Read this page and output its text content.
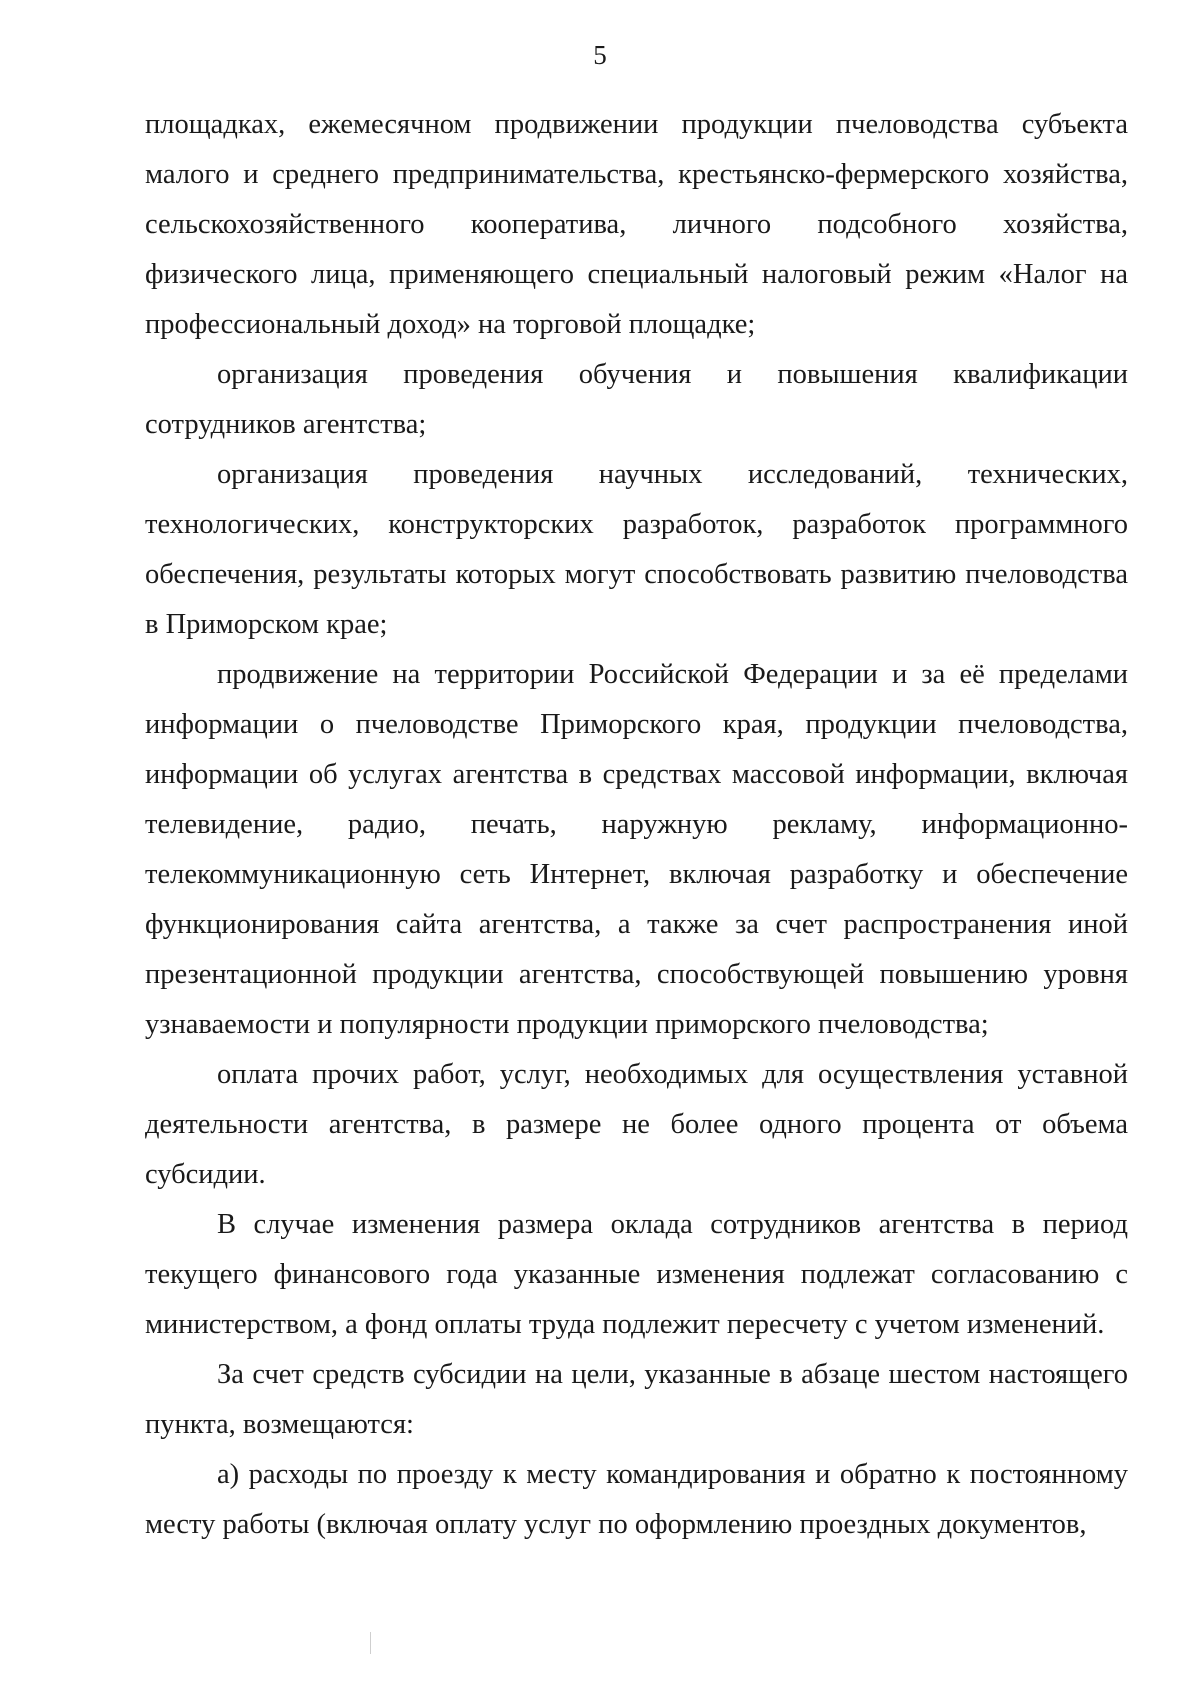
5

площадках, ежемесячном продвижении продукции пчеловодства субъекта малого и среднего предпринимательства, крестьянско-фермерского хозяйства, сельскохозяйственного кооператива, личного подсобного хозяйства, физического лица, применяющего специальный налоговый режим «Налог на профессиональный доход» на торговой площадке;

организация проведения обучения и повышения квалификации сотрудников агентства;

организация проведения научных исследований, технических, технологических, конструкторских разработок, разработок программного обеспечения, результаты которых могут способствовать развитию пчеловодства в Приморском крае;

продвижение на территории Российской Федерации и за её пределами информации о пчеловодстве Приморского края, продукции пчеловодства, информации об услугах агентства в средствах массовой информации, включая телевидение, радио, печать, наружную рекламу, информационно-телекоммуникационную сеть Интернет, включая разработку и обеспечение функционирования сайта агентства, а также за счет распространения иной презентационной продукции агентства, способствующей повышению уровня узнаваемости и популярности продукции приморского пчеловодства;

оплата прочих работ, услуг, необходимых для осуществления уставной деятельности агентства, в размере не более одного процента от объема субсидии.

В случае изменения размера оклада сотрудников агентства в период текущего финансового года указанные изменения подлежат согласованию с министерством, а фонд оплаты труда подлежит пересчету с учетом изменений.

За счет средств субсидии на цели, указанные в абзаце шестом настоящего пункта, возмещаются:

а) расходы по проезду к месту командирования и обратно к постоянному месту работы (включая оплату услуг по оформлению проездных документов,
